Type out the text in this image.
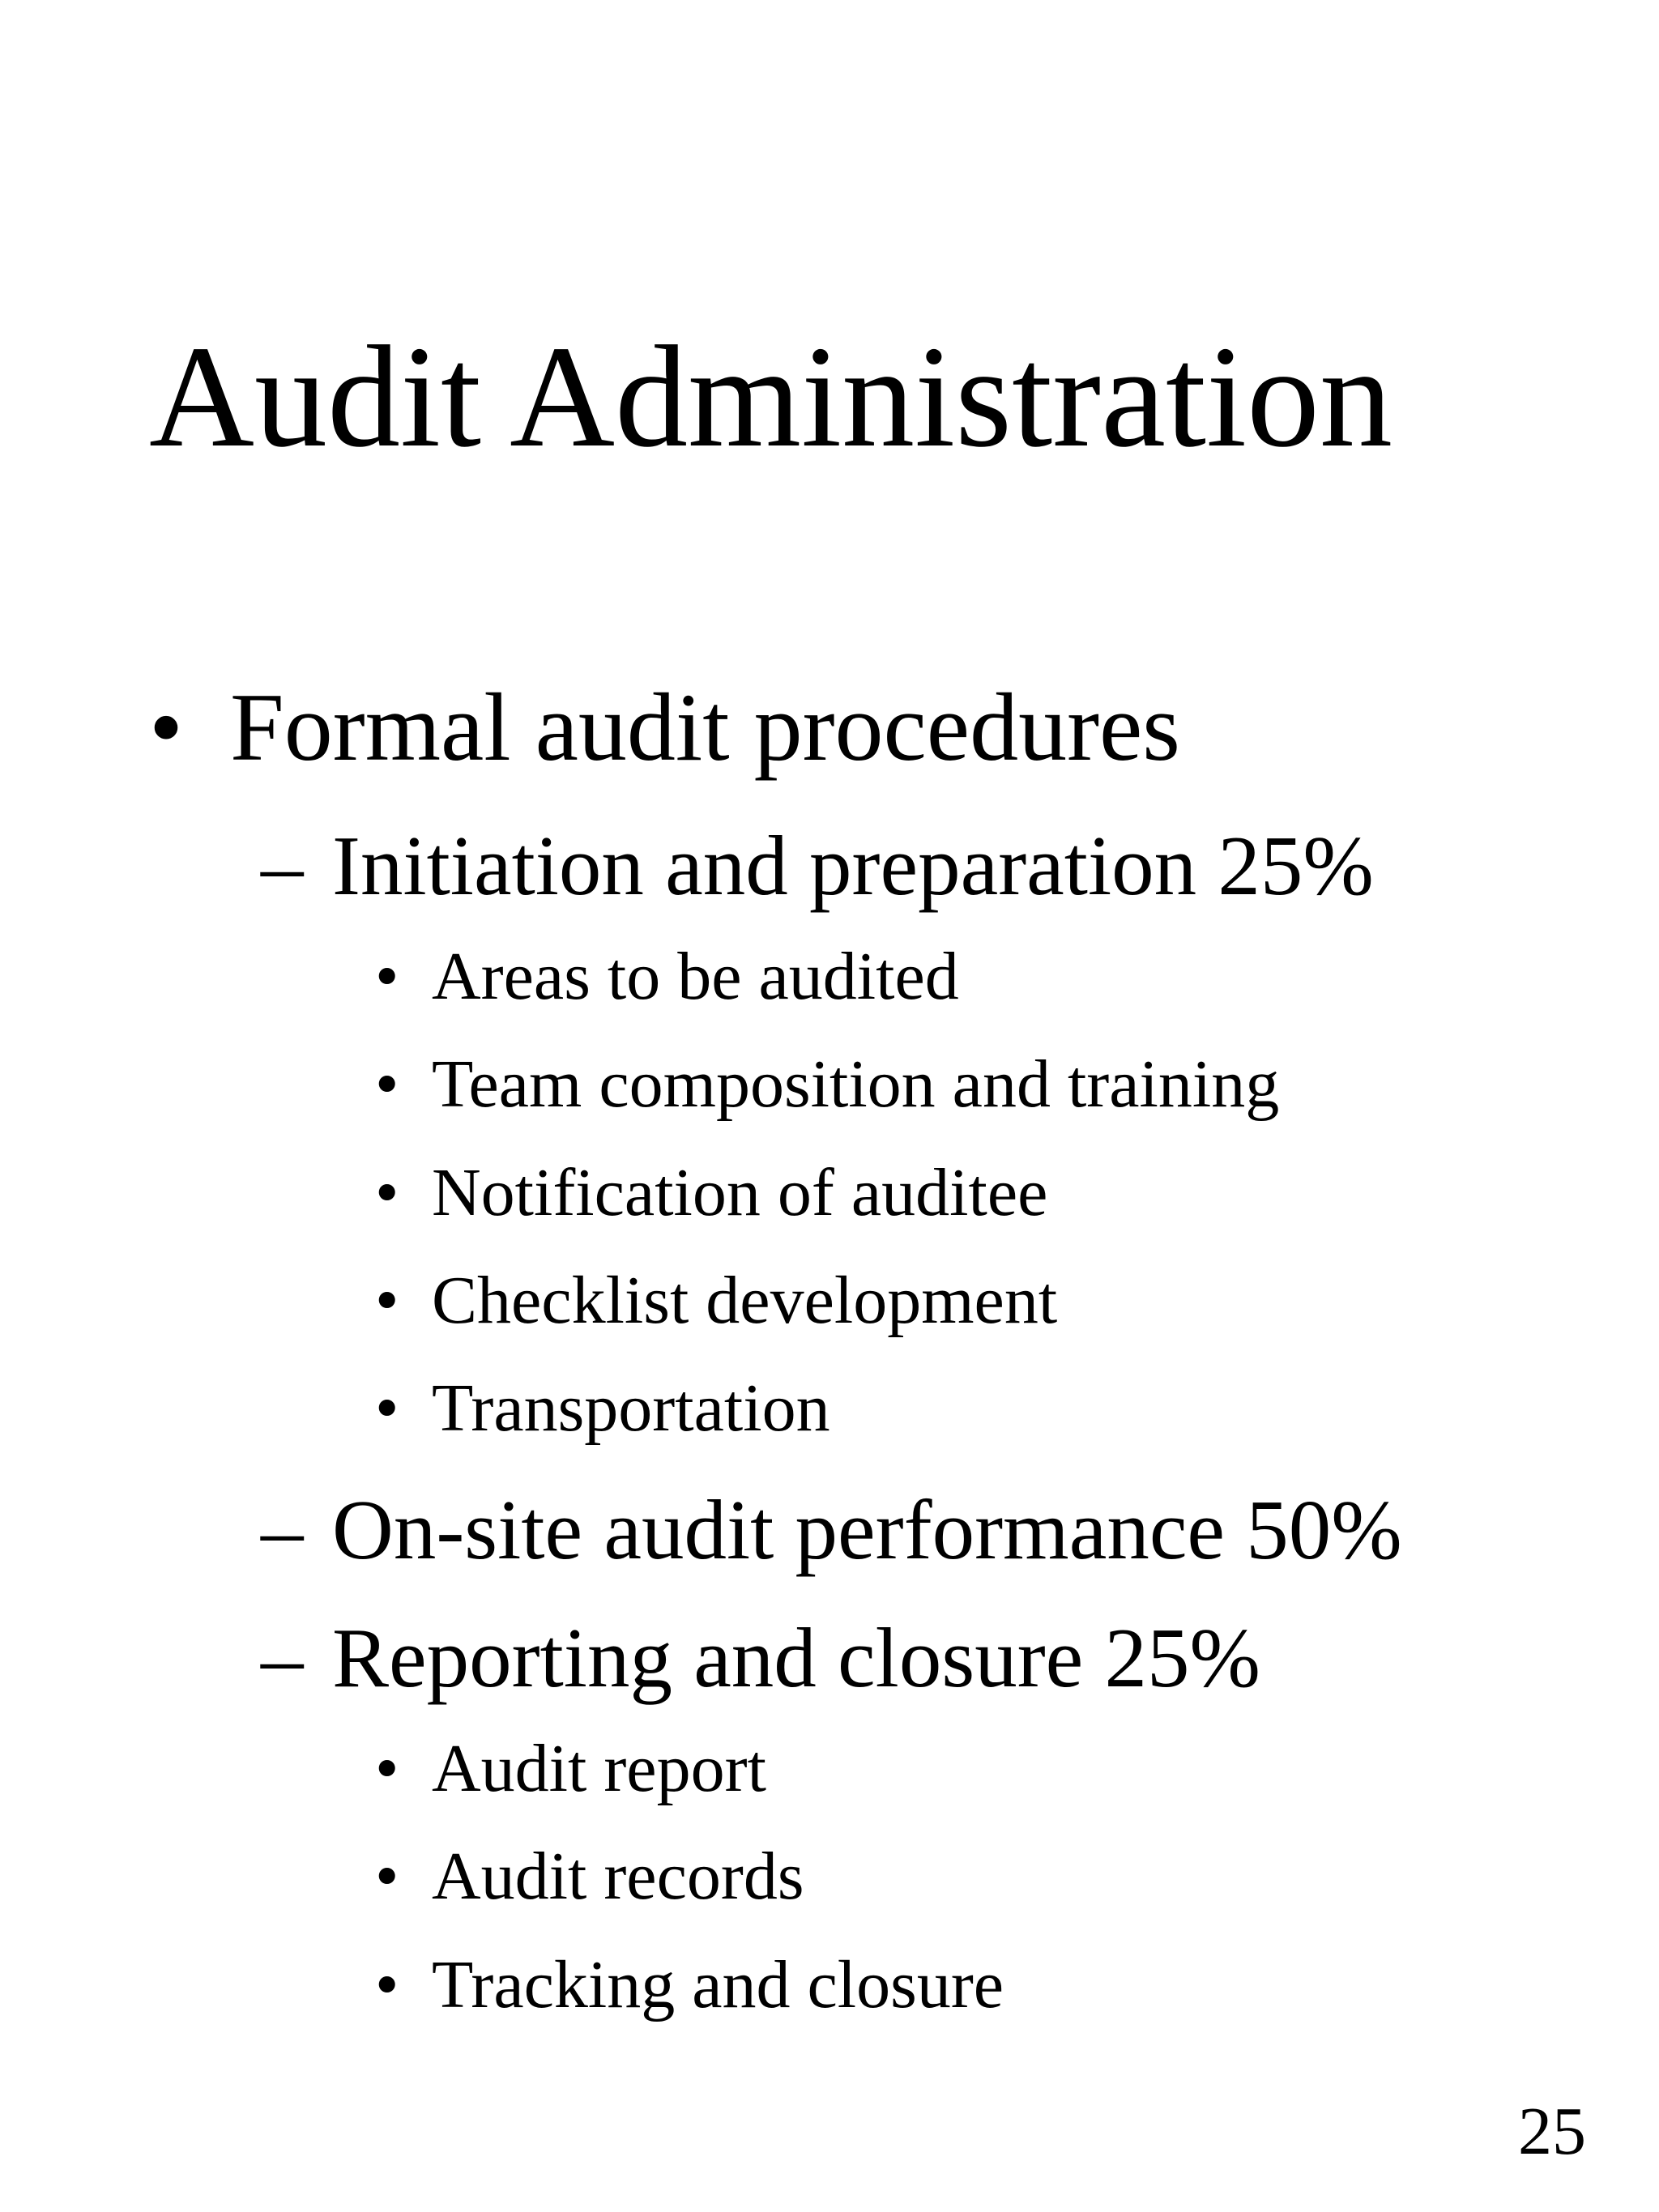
Audit Administration
• Formal audit procedures
– Initiation and preparation 25%
• Areas to be audited
• Team composition and training
• Notification of auditee
• Checklist development
• Transportation
– On-site audit performance 50%
– Reporting and closure 25%
• Audit report
• Audit records
• Tracking and closure
25
